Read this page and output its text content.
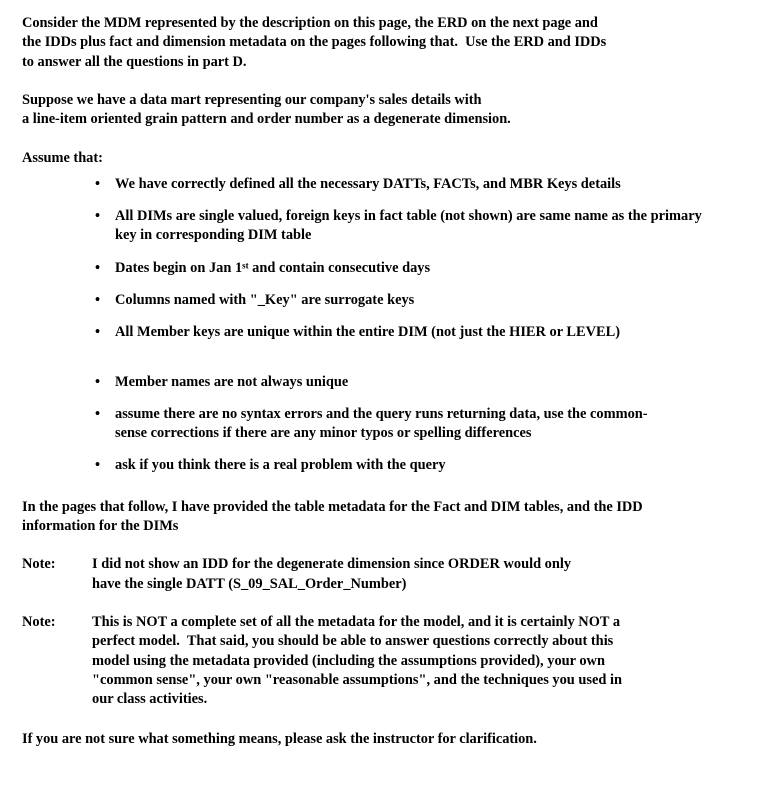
Consider the MDM represented by the description on this page, the ERD on the next page and
the IDDs plus fact and dimension metadata on the pages following that.  Use the ERD and IDDs
to answer all the questions in part D.
Suppose we have a data mart representing our company's sales details with
a line-item oriented grain pattern and order number as a degenerate dimension.
Assume that:
• We have correctly defined all the necessary DATTs, FACTs, and MBR Keys details
• All DIMs are single valued, foreign keys in fact table (not shown) are same name as the primary
key in corresponding DIM table
• Dates begin on Jan 1st and contain consecutive days
• Columns named with "_Key" are surrogate keys
• All Member keys are unique within the entire DIM (not just the HIER or LEVEL)
• Member names are not always unique
• assume there are no syntax errors and the query runs returning data, use the common-
sense corrections if there are any minor typos or spelling differences
• ask if you think there is a real problem with the query
In the pages that follow, I have provided the table metadata for the Fact and DIM tables, and the IDD
information for the DIMs
Note:	I did not show an IDD for the degenerate dimension since ORDER would only
have the single DATT (S_09_SAL_Order_Number)
Note:	This is NOT a complete set of all the metadata for the model, and it is certainly NOT a
perfect model.  That said, you should be able to answer questions correctly about this
model using the metadata provided (including the assumptions provided), your own
"common sense", your own "reasonable assumptions", and the techniques you used in
our class activities.
If you are not sure what something means, please ask the instructor for clarification.
